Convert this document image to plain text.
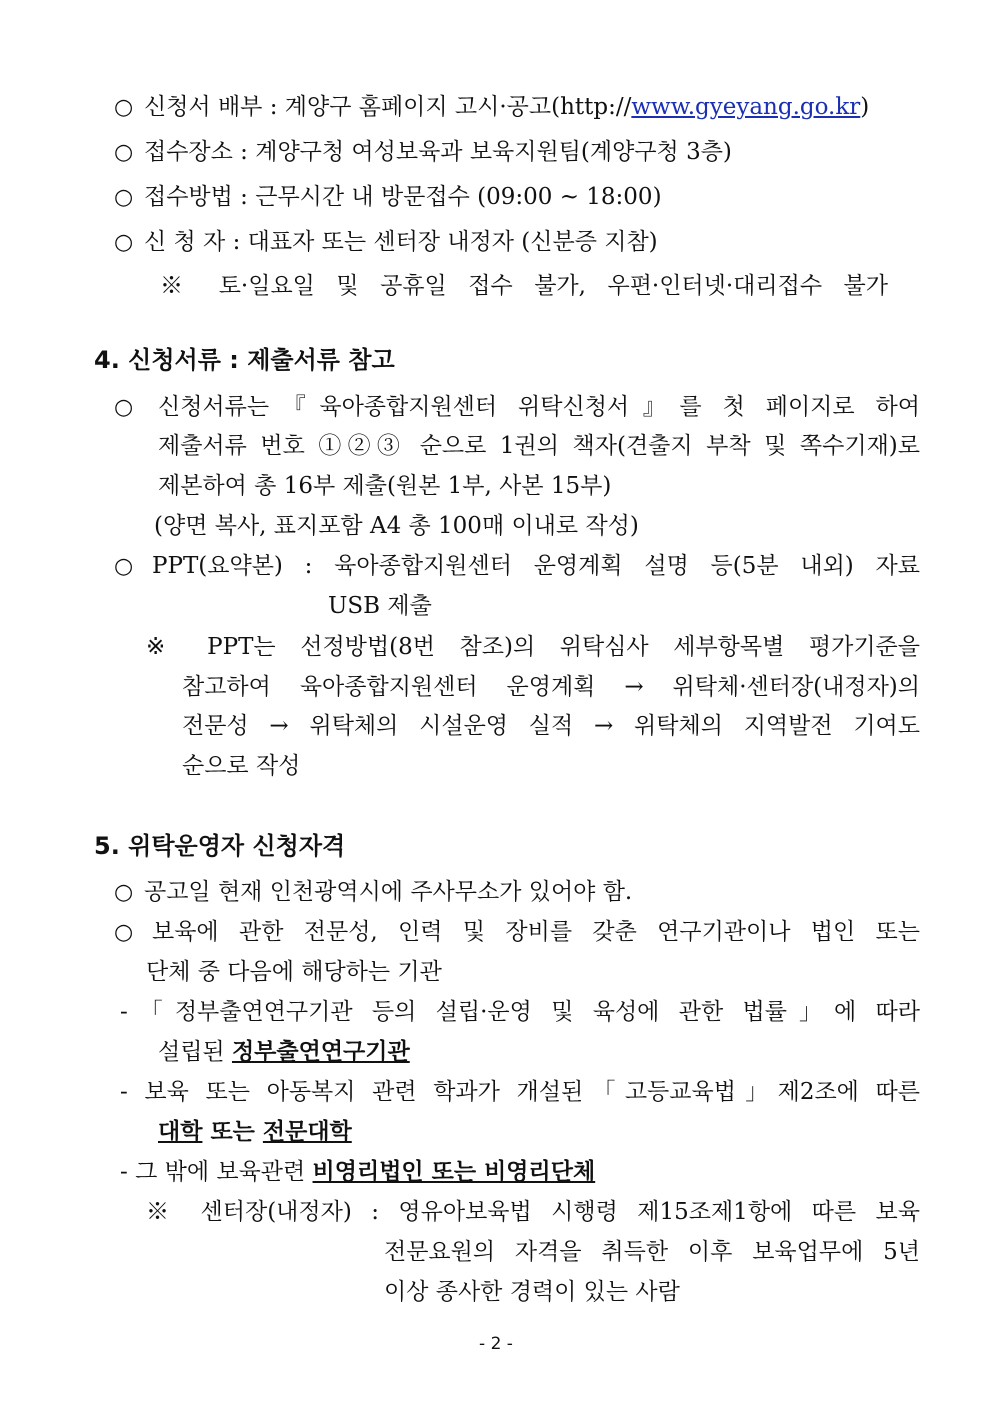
○ 신청서 배부 : 계양구 홈페이지 고시·공고(http://www.gyeyang.go.kr)
○ 접수장소 : 계양구청 여성보육과 보육지원팀(계양구청 3층)
○ 접수방법 : 근무시간 내 방문접수 (09:00 ~ 18:00)
○ 신 청 자 : 대표자 또는 센터장 내정자 (신분증 지참)
※ 토·일요일 및 공휴일 접수 불가, 우편·인터넷·대리접수 불가
4. 신청서류 : 제출서류 참고
○	신청서류는『육아종합지원센터 위탁신청서』를 첫 페이지로 하여
제출서류 번호 ①②③ 순으로 1권의 책자(견출지 부착 및 쪽수기재)로
제본하여 총 16부 제출(원본 1부, 사본 15부)
(양면 복사, 표지포함 A4 총 100매 이내로 작성)
○ PPT(요약본) : 육아종합지원센터 운영계획 설명 등(5분 내외) 자료
USB 제출
※ PPT는 선정방법(8번 참조)의 위탁심사 세부항목별 평가기준을
참고하여 육아종합지원센터 운영계획 → 위탁체·센터장(내정자)의
전문성 → 위탁체의 시설운영 실적 → 위탁체의 지역발전 기여도
순으로 작성
5. 위탁운영자 신청자격
○ 공고일 현재 인천광역시에 주사무소가 있어야 함.
○ 보육에 관한 전문성, 인력 및 장비를 갖춘 연구기관이나 법인 또는
단체 중 다음에 해당하는 기관
-「정부출연연구기관 등의 설립·운영 및 육성에 관한 법률」에 따라
설립된 정부출연연구기관
- 보육 또는 아동복지 관련 학과가 개설된「고등교육법」제2조에 따른
대학 또는 전문대학
- 그 밖에 보육관련 비영리법인 또는 비영리단체
※ 센터장(내정자) : 영유아보육법 시행령 제15조제1항에 따른 보육
전문요원의 자격을 취득한 이후 보육업무에 5년
이상 종사한 경력이 있는 사람
- 2 -
